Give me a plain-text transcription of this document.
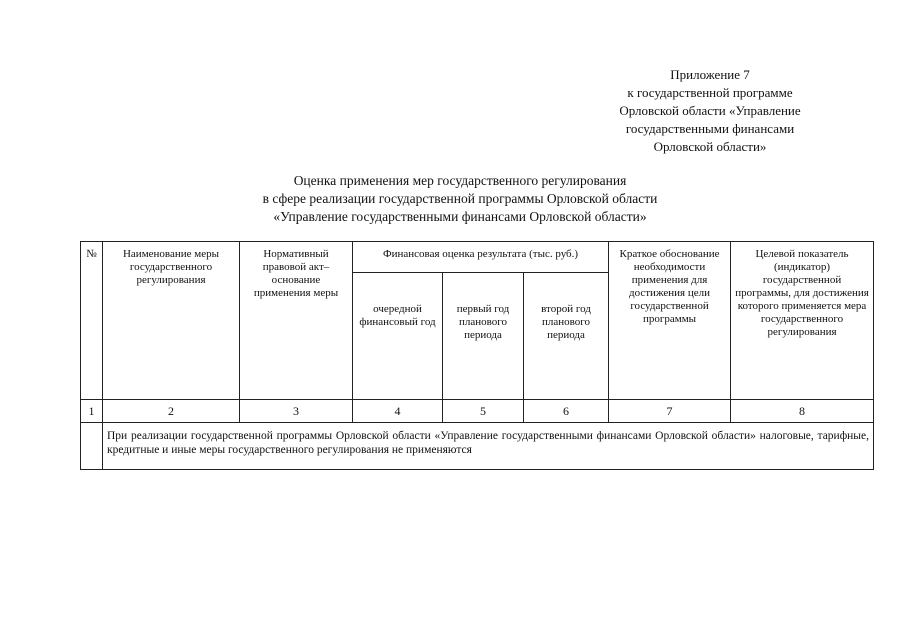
Приложение 7
к государственной программе
Орловской области «Управление
государственными финансами
Орловской области»
Оценка применения мер государственного регулирования
в сфере реализации государственной программы Орловской области
«Управление государственными финансами Орловской области»
№	Наименование меры государственного регулирования	Нормативный правовой акт–основание применения меры	Финансовая оценка результата (тыс. руб.)			Краткое обоснование необходимости применения для достижения цели государственной программы	Целевой показатель (индикатор) государственной программы, для достижения которого применяется мера государственного регулирования
			очередной финансовый год	первый год планового периода	второй год планового периода		
1	2	3	4	5	6	7	8
	При реализации государственной программы Орловской области «Управление государственными финансами Орловской области» налоговые, тарифные, кредитные и иные меры государственного регулирования не применяются						
